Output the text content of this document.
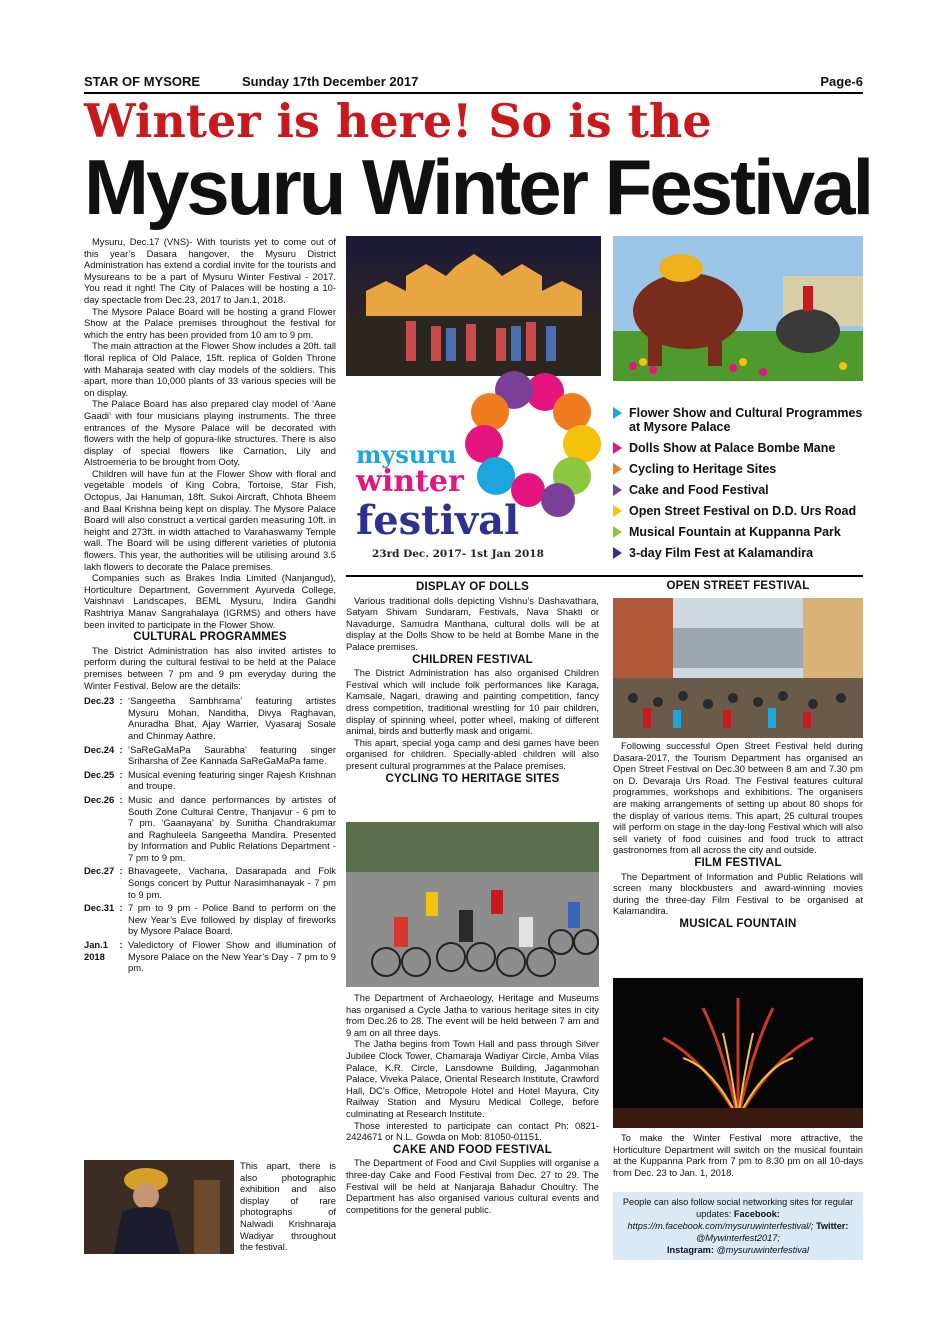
STAR OF MYSORE	Sunday 17th December 2017	Page-6
Winter is here! So is the
Mysuru Winter Festival

Mysuru, Dec.17 (VNS)- With tourists yet to come out of this year’s Dasara hangover, the Mysuru District Administration has extend a cordial invite for the tourists and Mysureans to be a part of Mysuru Winter Festival - 2017. You read it right! The City of Palaces will be hosting a 10-day spectacle from Dec.23, 2017 to Jan.1, 2018.

The Mysore Palace Board will be hosting a grand Flower Show at the Palace premises throughout the festival for which the entry has been provided from 10 am to 9 pm.

The main attraction at the Flower Show includes a 20ft. tall floral replica of Old Palace, 15ft. replica of Golden Throne with Maharaja seated with clay models of the soldiers. This apart, more than 10,000 plants of 33 various species will be on display.

The Palace Board has also prepared clay model of ‘Aane Gaadi’ with four musicians playing instruments. The three entrances of the Mysore Palace will be decorated with flowers with the help of gopura-like structures. There is also display of special flowers like Carnation, Lily and Alstroemeria to be brought from Ooty.

Children will have fun at the Flower Show with floral and vegetable models of King Cobra, Tortoise, Star Fish, Octopus, Jai Hanuman, 18ft. Sukoi Aircraft, Chhota Bheem and Baal Krishna being kept on display. The Mysore Palace Board will also construct a vertical garden measuring 10ft. in height and 273ft. in width attached to Varahaswamy Temple wall. The Board will be using different varieties of plutonia flowers. This year, the authorities will be utilising around 3.5 lakh flowers to decorate the Palace premises.

Companies such as Brakes India Limited (Nanjangud), Horticulture Department, Government Ayurveda College, Vaishnavi Landscapes, BEML Mysuru, Indira Gandhi Rashtriya Manav Sangrahalaya (IGRMS) and others have been invited to participate in the Flower Show.

CULTURAL PROGRAMMES

The District Administration has also invited artistes to perform during the cultural festival to be held at the Palace premises between 7 pm and 9 pm everyday during the Winter Festival. Below are the details:

Dec.23 : ‘Sangeetha Sambhrama’ featuring artistes Mysuru Mohan, Nanditha, Divya Raghavan, Anuradha Bhat, Ajay Warrier, Vyasaraj Sosale and Chinmay Aathre.
Dec.24 : ‘SaReGaMaPa Saurabha’ featuring singer Sriharsha of Zee Kannada SaReGaMaPa fame.
Dec.25 : Musical evening featuring singer Rajesh Krishnan and troupe.
Dec.26 : Music and dance performances by artistes of South Zone Cultural Centre, Thanjavur - 6 pm to 7 pm. ‘Gaanayana’ by Sunitha Chandrakumar and Raghuleela Sangeetha Mandira. Presented by Information and Public Relations Department - 7 pm to 9 pm.
Dec.27 : Bhavageete, Vachana, Dasarapada and Folk Songs concert by Puttur Narasimhanayak - 7 pm to 9 pm.
Dec.31 : 7 pm to 9 pm - Police Band to perform on the New Year’s Eve followed by display of fireworks by Mysore Palace Board.
Jan.1 2018
: Valedictory of Flower Show and illumination of Mysore Palace on the New Year’s Day - 7 pm to 9 pm.
This apart, there is also photographic exhibition and also display of rare photographs of Nalwadi Krishnaraja Wadiyar throughout the festival.
mysuru
winter
festival
23rd Dec. 2017- 1st Jan 2018
Flower Show and Cultural Programmes at Mysore Palace
Dolls Show at Palace Bombe Mane
Cycling to Heritage Sites
Cake and Food Festival
Open Street Festival on D.D. Urs Road
Musical Fountain at Kuppanna Park
3-day Film Fest at Kalamandira
DISPLAY OF DOLLS

Various traditional dolls depicting Vishnu’s Dashavathara, Satyam Shivam Sundaram, Festivals, Nava Shakti or Navadurge, Samudra Manthana, cultural dolls will be at display at the Dolls Show to be held at Bombe Mane in the Palace premises.

CHILDREN FESTIVAL

The District Administration has also organised Children Festival which will include folk performances like Karaga, Kamsale, Nagari, drawing and painting competition, fancy dress competition, traditional wrestling for 10 pair children, display of spinning wheel, potter wheel, making of different animal, birds and butterfly mask and origami.

This apart, special yoga camp and desi games have been organised for children. Specially-abled children will also present cultural programmes at the Palace premises.

CYCLING TO HERITAGE SITES

The Department of Archaeology, Heritage and Museums has organised a Cycle Jatha to various heritage sites in city from Dec.26 to 28. The event will be held between 7 am and 9 am on all three days.

The Jatha begins from Town Hall and pass through Silver Jubilee Clock Tower, Chamaraja Wadiyar Circle, Amba Vilas Palace, K.R. Circle, Lansdowne Building, Jaganmohan Palace, Viveka Palace, Oriental Research Institute, Crawford Hall, DC’s Office, Metropole Hotel and Hotel Mayura, City Railway Station and Mysuru Medical College, before culminating at Research Institute.

Those interested to participate can contact Ph: 0821-2424671 or N.L. Gowda on Mob: 81050-01151.

CAKE AND FOOD FESTIVAL

The Department of Food and Civil Supplies will organise a three-day Cake and Food Festival from Dec. 27 to 29. The Festival will be held at Nanjaraja Bahadur Choultry. The Department has also organised various cultural events and competitions for the general public.

OPEN STREET FESTIVAL

Following successful Open Street Festival held during Dasara-2017, the Tourism Department has organised an Open Street Festival on Dec.30 between 8 am and 7.30 pm on D. Devaraja Urs Road. The Festival features cultural programmes, workshops and exhibitions. The organisers are making arrangements of setting up about 80 shops for the display of various items. This apart, 25 cultural troupes will perform on stage in the day-long Festival which will also sell variety of food cuisines and food truck to attract gastronomes from all across the city and outside.

FILM FESTIVAL

The Department of Information and Public Relations will screen many blockbusters and award-winning movies during the three-day Film Festival to be organised at Kalamandira.

MUSICAL FOUNTAIN

To make the Winter Festival more attractive, the Horticulture Department will switch on the musical fountain at the Kuppanna Park from 7 pm to 8.30 pm on all 10-days from Dec. 23 to Jan. 1, 2018.

People can also follow social networking sites for regular updates: Facebook: https://m.facebook.com/mysuruwinterfestival/; Twitter: @Mywinterfest2017;
Instagram: @mysuruwinterfestival
